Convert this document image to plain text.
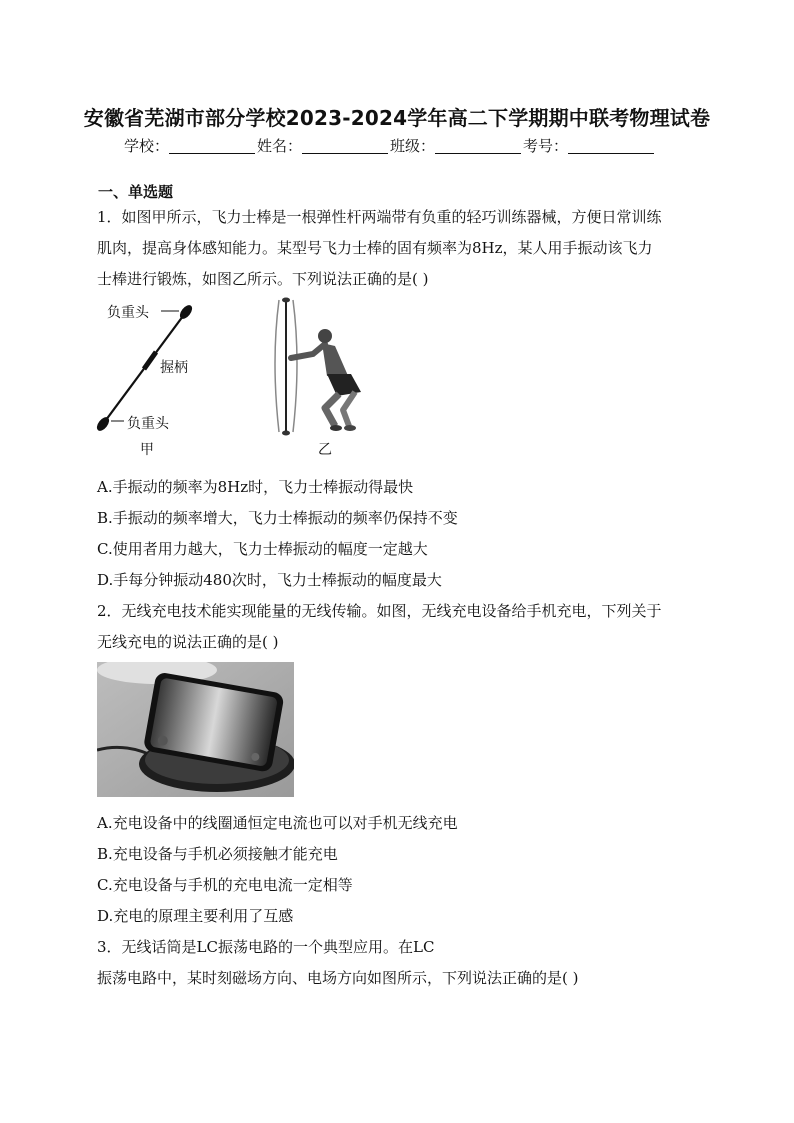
安徽省芜湖市部分学校2023-2024学年高二下学期期中联考物理试卷
学校：	姓名：	班级：	考号：
一、单选题
1．如图甲所示，飞力士棒是一根弹性杆两端带有负重的轻巧训练器械，方便日常训练
肌肉，提高身体感知能力。某型号飞力士棒的固有频率为8Hz，某人用手振动该飞力
士棒进行锻炼，如图乙所示。下列说法正确的是( )
负重头
握柄
负重头
甲	乙
A.手振动的频率为8Hz时，飞力士棒振动得最快
B.手振动的频率增大，飞力士棒振动的频率仍保持不变
C.使用者用力越大，飞力士棒振动的幅度一定越大
D.手每分钟振动480次时，飞力士棒振动的幅度最大
2．无线充电技术能实现能量的无线传输。如图，无线充电设备给手机充电，下列关于
无线充电的说法正确的是( )
A.充电设备中的线圈通恒定电流也可以对手机无线充电
B.充电设备与手机必须接触才能充电
C.充电设备与手机的充电电流一定相等
D.充电的原理主要利用了互感
3．无线话筒是LC振荡电路的一个典型应用。在LC
振荡电路中，某时刻磁场方向、电场方向如图所示，下列说法正确的是( )
